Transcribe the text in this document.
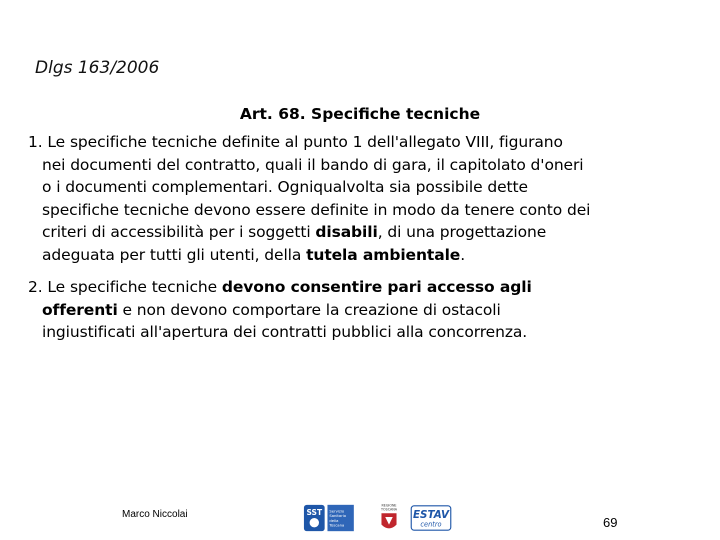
Dlgs 163/2006
Art. 68. Specifiche tecniche
1. Le specifiche tecniche definite al punto 1 dell'allegato VIII, figurano
nei documenti del contratto, quali il bando di gara, il capitolato d'oneri
o i documenti complementari. Ogniqualvolta sia possibile dette
specifiche tecniche devono essere definite in modo da tenere conto dei
criteri di accessibilità per i soggetti disabili, di una progettazione
adeguata per tutti gli utenti, della tutela ambientale.
2. Le specifiche tecniche devono consentire pari accesso agli
offerenti e non devono comportare la creazione di ostacoli
ingiustificati all'apertura dei contratti pubblici alla concorrenza.
Marco Niccolai	SST Servizio
Sanitario
della
Toscana
REGIONE
TOSCANA ESTAV
centro	69
